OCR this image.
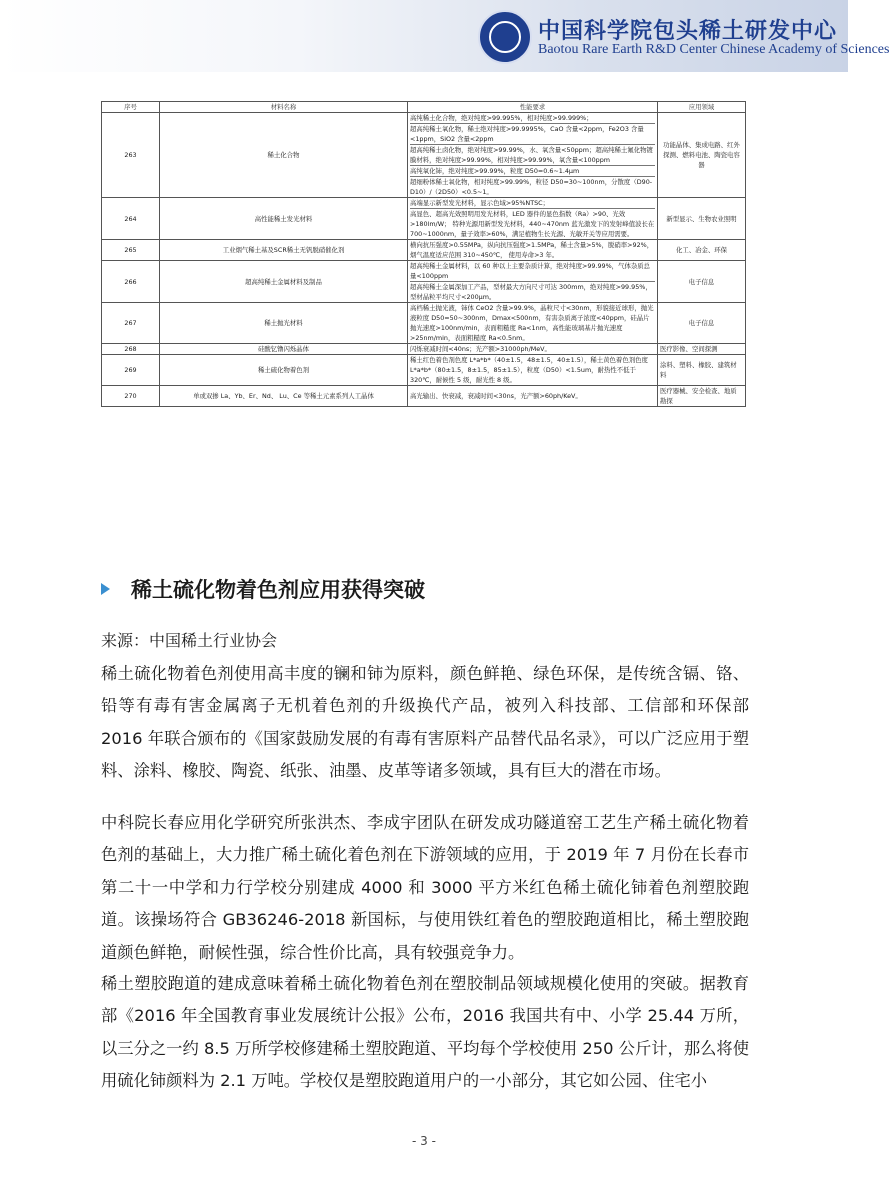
中国科学院包头稀土研发中心
Baotou Rare Earth R&D Center Chinese Academy of Sciences
序号	材料名称	性能要求	应用领域
263	稀土化合物	高纯稀土化合物，绝对纯度>99.995%，相对纯度>99.999%；
超高纯稀土氧化物，稀土绝对纯度>99.9995%，CaO 含量<2ppm，Fe2O3 含量<1ppm，SiO2 含量<2ppm
超高纯稀土卤化物，绝对纯度>99.99%，水、氧含量<50ppm；超高纯稀土氟化物镀膜材料，绝对纯度>99.99%，相对纯度>99.99%，氧含量<100ppm
高纯氧化铈，绝对纯度>99.99%，粒度 D50=0.6~1.4μm
超细粉体稀土氧化物，相对纯度>99.99%，粒径 D50=30~100nm，分散度（D90-D10）/（2D50）<0.5~1。	功能晶体、集成电路、红外探测、燃料电池、陶瓷电容器
264	高性能稀土发光材料	高端显示新型发光材料，显示色域>95%NTSC；
高显色、超高光效照明用发光材料，LED 器件的显色指数（Ra）>90、光效>180lm/W； 特种光源用新型发光材料，440~470nm 蓝光激发下的发射峰值波长在 700~1000nm，量子效率>60%，满足植物生长光源、光敏开关等应用需要。	新型显示、生物农业照明
265	工业烟气稀土基及SCR稀土无钒脱硝催化剂	横向抗压强度>0.55MPa，纵向抗压强度>1.5MPa，稀土含量>5%，脱硝率>92%，烟气温度适应范围 310~450℃， 使用寿命>3 年。	化工、冶金、环保
266	超高纯稀土金属材料及制品	超高纯稀土金属材料，以 60 种以上主要杂质计算，绝对纯度>99.99%，气体杂质总量<100ppm
超高纯稀土金属深加工产品，型材最大方向尺寸可达 300mm，绝对纯度>99.95%，型材晶粒平均尺寸<200μm。	电子信息
267	稀土抛光材料	高档稀土抛光液，铈体 CeO2 含量>99.9%，晶粒尺寸<30nm，形貌接近球形，抛光液粒度 D50=50~300nm，Dmax<500nm，有害杂质离子浓度<40ppm，硅晶片抛光速度>100nm/min，表面粗糙度 Ra<1nm，高性能玻璃基片抛光速度>25nm/min，表面粗糙度 Ra<0.5nm。	电子信息
268	硅酸钇镥闪烁晶体	闪烁衰减时间<40ns；光产额>31000ph/MeV。	医疗影像、空间探测
269	稀土硫化物着色剂	稀土红色着色剂色度 L*a*b*（40±1.5，48±1.5，40±1.5），稀土黄色着色剂色度 L*a*b*（80±1.5，8±1.5，85±1.5），粒度（D50）<1.5um，耐热性不低于 320℃，耐候性 5 级，耐光性 8 级。	涂料、塑料、橡胶、建筑材料
270	单或双掺 La、Yb、Er、Nd、 Lu、Ce 等稀土元素系列人工晶体	高光输出、快衰减，衰减时间<30ns，光产额>60ph/KeV。	医疗器械、安全检查、地质勘探
稀土硫化物着色剂应用获得突破
来源：中国稀土行业协会

稀土硫化物着色剂使用高丰度的镧和铈为原料，颜色鲜艳、绿色环保，是传统含镉、铬、铅等有毒有害金属离子无机着色剂的升级换代产品，被列入科技部、工信部和环保部 2016 年联合颁布的《国家鼓励发展的有毒有害原料产品替代品名录》，可以广泛应用于塑料、涂料、橡胶、陶瓷、纸张、油墨、皮革等诸多领域，具有巨大的潜在市场。

中科院长春应用化学研究所张洪杰、李成宇团队在研发成功隧道窑工艺生产稀土硫化物着色剂的基础上，大力推广稀土硫化着色剂在下游领域的应用，于 2019 年 7 月份在长春市第二十一中学和力行学校分别建成 4000 和 3000 平方米红色稀土硫化铈着色剂塑胶跑道。该操场符合 GB36246-2018 新国标，与使用铁红着色的塑胶跑道相比，稀土塑胶跑道颜色鲜艳，耐候性强，综合性价比高，具有较强竞争力。

稀土塑胶跑道的建成意味着稀土硫化物着色剂在塑胶制品领域规模化使用的突破。据教育部《2016 年全国教育事业发展统计公报》公布，2016 我国共有中、小学 25.44 万所，以三分之一约 8.5 万所学校修建稀土塑胶跑道、平均每个学校使用 250 公斤计，那么将使用硫化铈颜料为 2.1 万吨。学校仅是塑胶跑道用户的一小部分，其它如公园、住宅小

- 3 -
